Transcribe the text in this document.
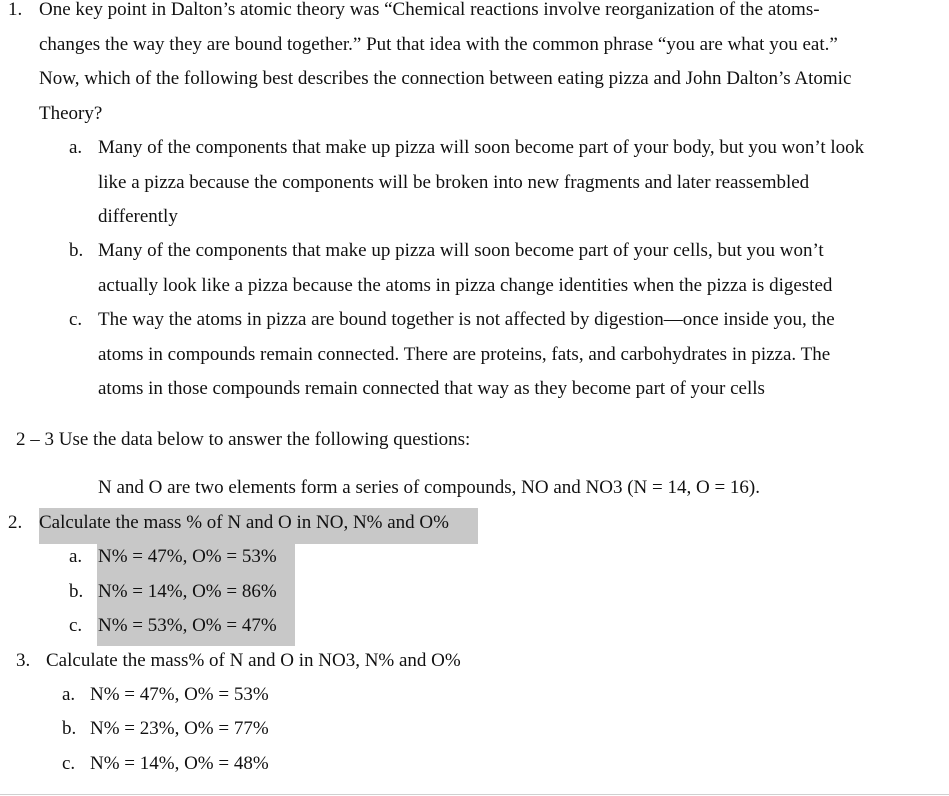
1. One key point in Dalton’s atomic theory was “Chemical reactions involve reorganization of the atoms-
changes the way they are bound together.” Put that idea with the common phrase “you are what you eat.”
Now, which of the following best describes the connection between eating pizza and John Dalton’s Atomic
Theory?
a. Many of the components that make up pizza will soon become part of your body, but you won’t look
like a pizza because the components will be broken into new fragments and later reassembled
differently
b. Many of the components that make up pizza will soon become part of your cells, but you won’t
actually look like a pizza because the atoms in pizza change identities when the pizza is digested
c. The way the atoms in pizza are bound together is not affected by digestion—once inside you, the
atoms in compounds remain connected. There are proteins, fats, and carbohydrates in pizza. The
atoms in those compounds remain connected that way as they become part of your cells
2 – 3 Use the data below to answer the following questions:
N and O are two elements form a series of compounds, NO and NO3 (N = 14, O = 16).
2. Calculate the mass % of N and O in NO, N% and O%
a. N% = 47%, O% = 53%
b. N% = 14%, O% = 86%
c. N% = 53%, O% = 47%
3. Calculate the mass% of N and O in NO3, N% and O%
a. N% = 47%, O% = 53%
b. N% = 23%, O% = 77%
c. N% = 14%, O% = 48%
